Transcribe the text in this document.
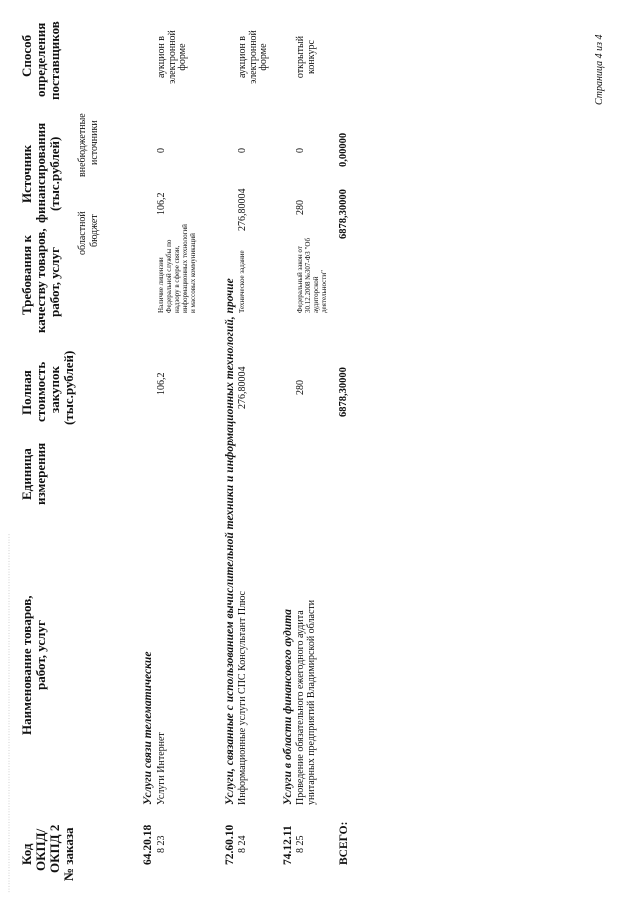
······································································································································· Код ОКПД/ ОКПД 2 № заказа
Наименование товаров, работ, услуг
Единица измерения
Полная стоимость закупок (тыс.рублей)
Требования к качеству товаров, работ, услуг
Источник финансирования (тыс.рублей)
областной бюджет
внебюджетные источники
Способ определения поставщиков
64.20.18
Услуги связи телематические
8 23
Услуги Интернет
106,2
Наличие лицензии Федеральной службы по надзору в сфере связи, информационных технологий и массовых коммуникаций
106,2
0
аукцион в электронной форме
72.60.10
Услуги, связанные с использованием вычислительной техники и информационных технологий, прочие
8 24
Информационные услуги СПС Консультант Плюс
276,80004
Техническое задание
276,80004
0
аукцион в электронной форме
74.12.11
Услуги в области финансового аудита
8 25
Проведение обязательного ежегодного аудита унитарных предприятий Владимирской области
280
Федеральный закон от 30.12.2008 №307-ФЗ "Об аудиторской деятельности"
280
0
открытый конкурс
ВСЕГО:
6878,30000
6878,30000
0,00000
Страница 4 из 4
